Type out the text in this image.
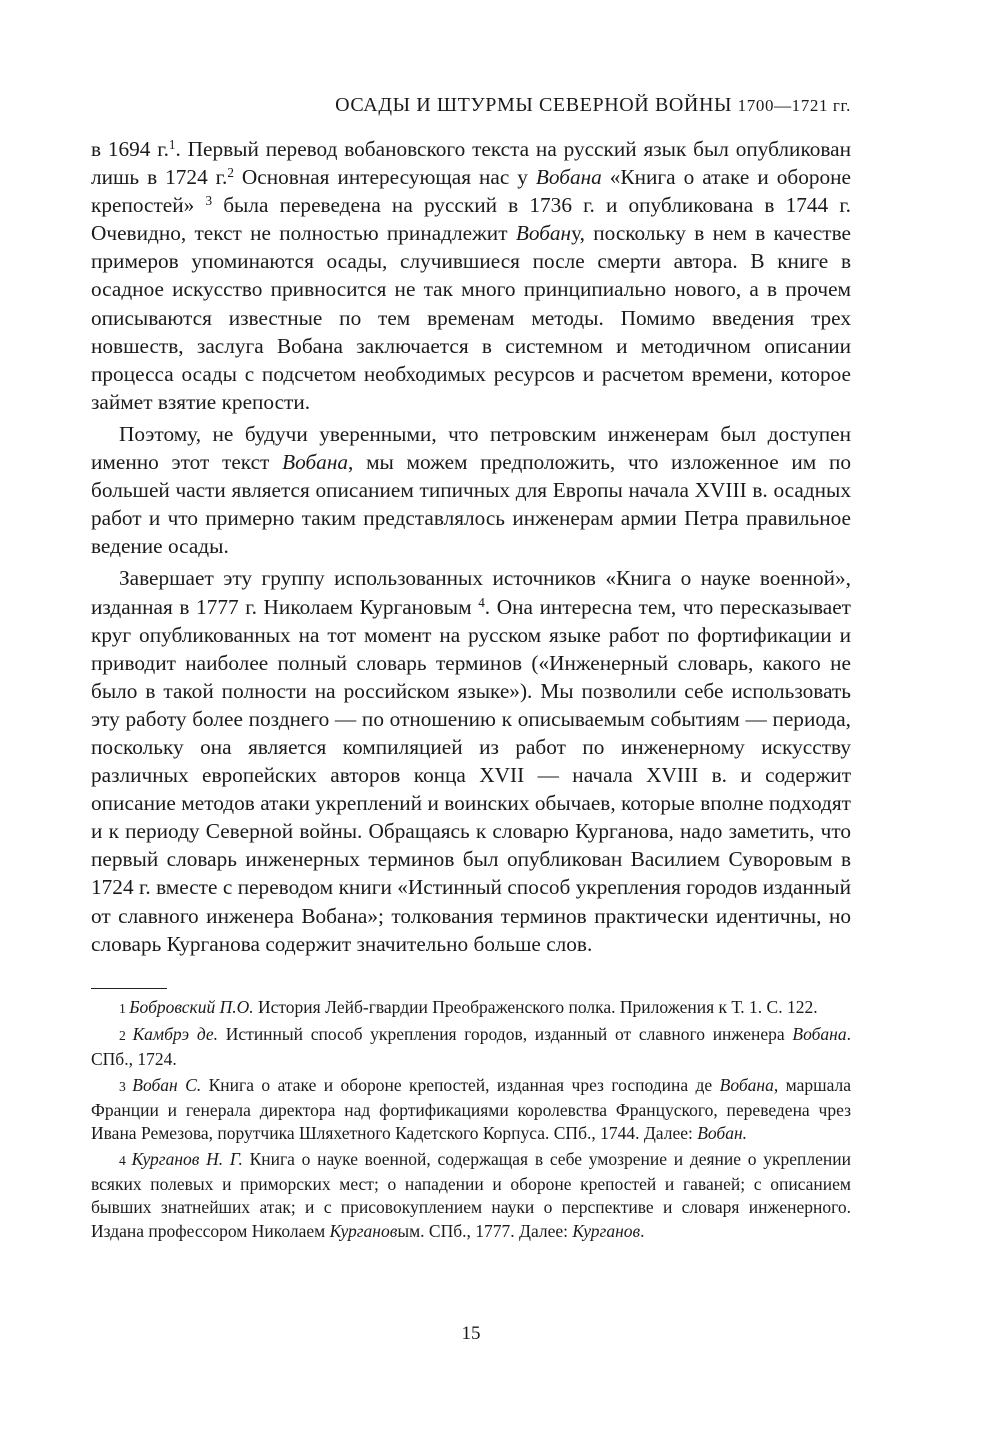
ОСАДЫ И ШТУРМЫ СЕВЕРНОЙ ВОЙНЫ 1700—1721 гг.

в 1694 г.$^1$. Первый перевод вобановского текста на русский язык был опубликован лишь в 1724 г.$^2$ Основная интересующая нас у Вобана «Книга о атаке и обороне крепостей» $^3$ была переведена на русский в 1736 г. и опубликована в 1744 г. Очевидно, текст не полностью принадлежит Вобану, поскольку в нем в качестве примеров упоминаются осады, случившиеся после смерти автора. В книге в осадное искусство привносится не так много принципиально нового, а в прочем описываются известные по тем временам методы. Помимо введения трех новшеств, заслуга Вобана заключается в системном и методичном описании процесса осады с подсчетом необходимых ресурсов и расчетом времени, которое займет взятие крепости.

Поэтому, не будучи уверенными, что петровским инженерам был доступен именно этот текст Вобана, мы можем предположить, что изложенное им по большей части является описанием типичных для Европы начала XVIII в. осадных работ и что примерно таким представлялось инженерам армии Петра правильное ведение осады.

Завершает эту группу использованных источников «Книга о науке военной», изданная в 1777 г. Николаем Кургановым $^4$. Она интересна тем, что пересказывает круг опубликованных на тот момент на русском языке работ по фортификации и приводит наиболее полный словарь терминов («Инженерный словарь, какого не было в такой полности на российском языке»). Мы позволили себе использовать эту работу более позднего — по отношению к описываемым событиям — периода, поскольку она является компиляцией из работ по инженерному искусству различных европейских авторов конца XVII — начала XVIII в. и содержит описание методов атаки укреплений и воинских обычаев, которые вполне подходят и к периоду Северной войны. Обращаясь к словарю Курганова, надо заметить, что первый словарь инженерных терминов был опубликован Василием Суворовым в 1724 г. вместе с переводом книги «Истинный способ укрепления городов изданный от славного инженера Вобана»; толкования терминов практически идентичны, но словарь Курганова содержит значительно больше слов.

1 Бобровский П.О. История Лейб-гвардии Преображенского полка. Приложения к Т. 1. С. 122.

2 Камбрэ де. Истинный способ укрепления городов, изданный от славного инженера Вобана. СПб., 1724.

3 Вобан С. Книга о атаке и обороне крепостей, изданная чрез господина де Вобана, маршала Франции и генерала директора над фортификациями королевства Француского, переведена чрез Ивана Ремезова, порутчика Шляхетного Кадетского Корпуса. СПб., 1744. Далее: Вобан.

4 Курганов Н. Г. Книга о науке военной, содержащая в себе умозрение и деяние о укреплении всяких полевых и приморских мест; о нападении и обороне крепостей и гаваней; с описанием бывших знатнейших атак; и с присовокуплением науки о перспективе и словаря инженерного. Издана профессором Николаем Кургановым. СПб., 1777. Далее: Курганов.

15
